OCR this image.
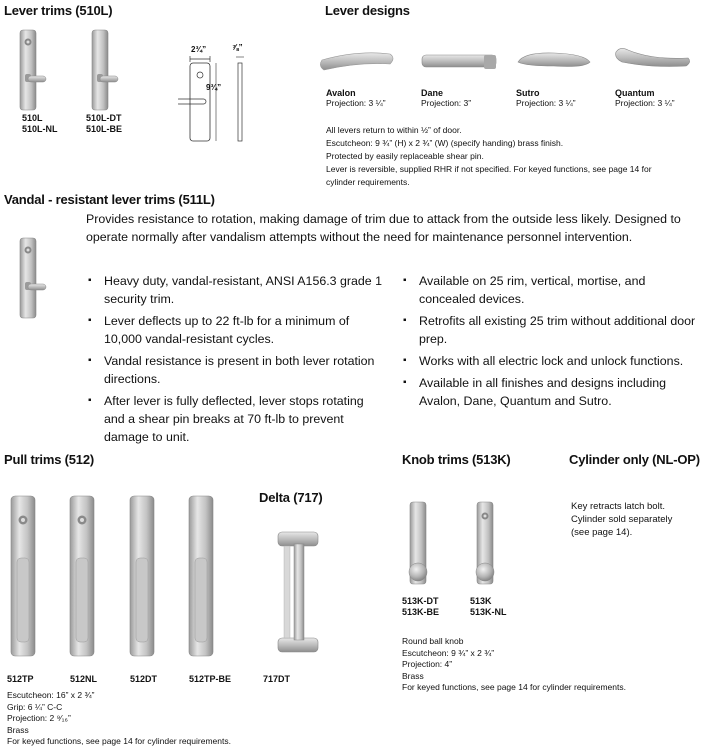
Lever trims (510L)
510L
510L-NL
510L-DT
510L-BE
2¾”
9¾”
⅞”
Lever designs
Avalon
Projection: 3 ¼”
Dane
Projection: 3”
Sutro
Projection: 3 ¼”
Quantum
Projection: 3 ¼”
All levers return to within ½” of door.
Escutcheon: 9 ¾” (H) x 2 ¾” (W) (specify handing) brass finish.
Protected by easily replaceable shear pin.
Lever is reversible, supplied RHR if not specified. For keyed functions, see page 14 for
cylinder requirements.
Vandal - resistant lever trims (511L)
Provides resistance to rotation, making damage of trim due to attack from the outside less likely. Designed to operate normally after vandalism attempts without the need for maintenance personnel intervention.
▪ Heavy duty, vandal-resistant, ANSI A156.3 grade 1 security trim.
▪ Lever deflects up to 22 ft-lb for a minimum of 10,000 vandal-resistant cycles.
▪ Vandal resistance is present in both lever rotation directions.
▪ After lever is fully deflected, lever stops rotating and a shear pin breaks at 70 ft-lb to prevent damage to unit.
▪ Available on 25 rim, vertical, mortise, and concealed devices.
▪ Retrofits all existing 25 trim without additional door prep.
▪ Works with all electric lock and unlock functions.
▪ Available in all finishes and designs including Avalon, Dane, Quantum and Sutro.
Pull trims (512)
512TP	512NL	512DT	512TP-BE
Escutcheon: 16” x 2 ¾”
Grip: 6 ¼” C-C
Projection: 2 ⁹⁄₁₆”
Brass
For keyed functions, see page 14 for cylinder requirements.
Delta (717)
717DT
Knob trims (513K)
513K-DT
513K-BE
513K
513K-NL
Round ball knob
Escutcheon: 9 ¾” x 2 ¾”
Projection: 4”
Brass
For keyed functions, see page 14 for cylinder requirements.
Cylinder only (NL-OP)
Key retracts latch bolt.
Cylinder sold separately
(see page 14).
